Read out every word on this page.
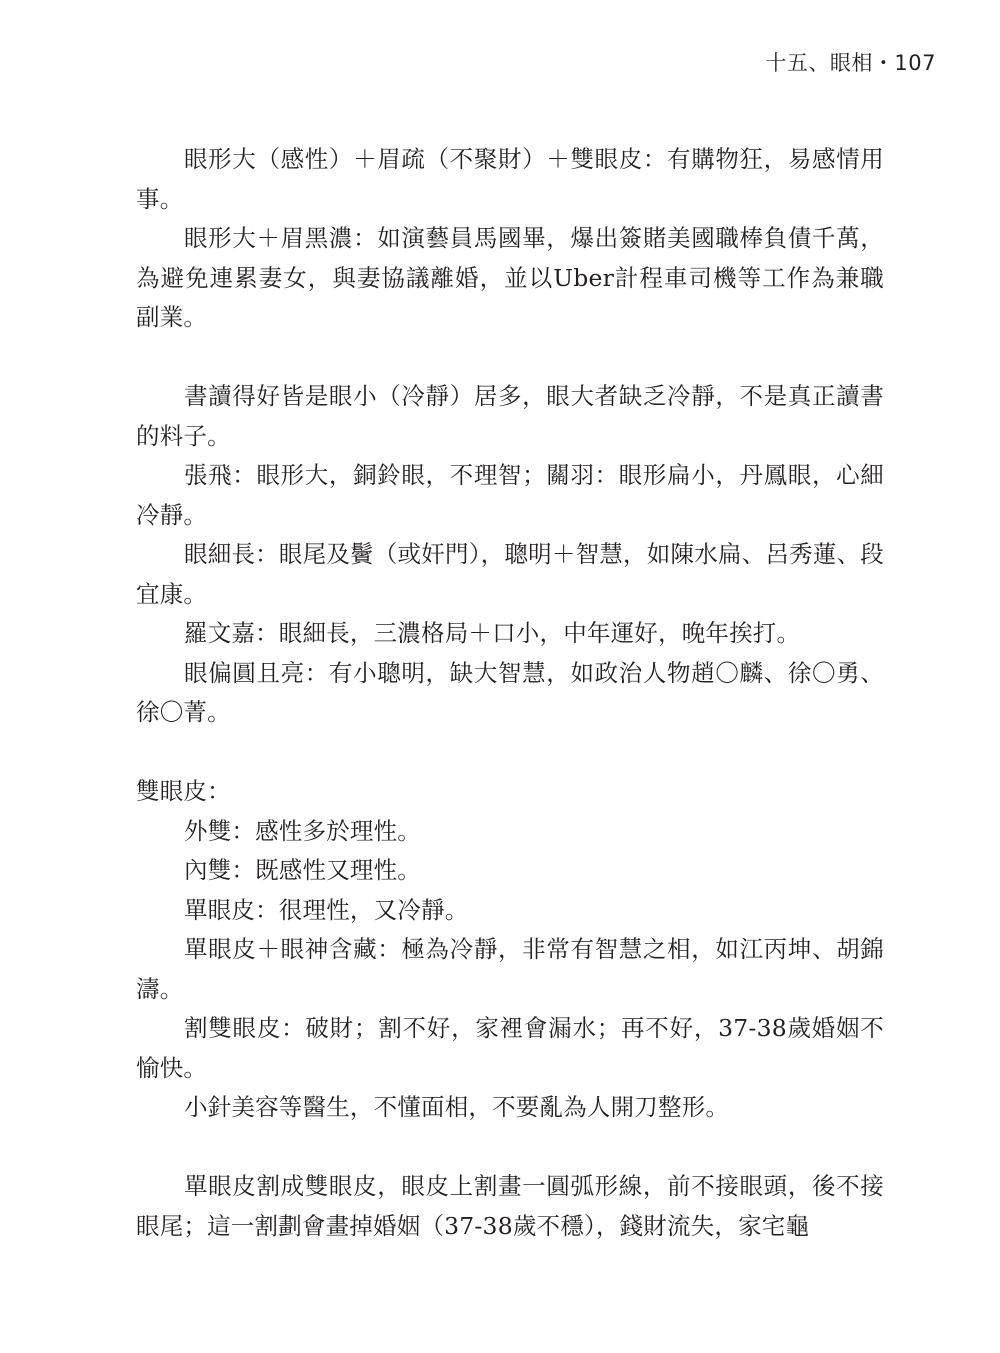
十五、眼相・107

眼形大（感性）＋眉疏（不聚財）＋雙眼皮：有購物狂，易感情用事。

眼形大＋眉黑濃：如演藝員馬國畢，爆出簽賭美國職棒負債千萬，為避免連累妻女，與妻協議離婚，並以Uber計程車司機等工作為兼職副業。

書讀得好皆是眼小（冷靜）居多，眼大者缺乏冷靜，不是真正讀書的料子。

張飛：眼形大，銅鈴眼，不理智；關羽：眼形扁小，丹鳳眼，心細冷靜。

眼細長：眼尾及鬢（或奸門），聰明＋智慧，如陳水扁、呂秀蓮、段宜康。

羅文嘉：眼細長，三濃格局＋口小，中年運好，晚年挨打。

眼偏圓且亮：有小聰明，缺大智慧，如政治人物趙〇麟、徐〇勇、徐〇菁。

雙眼皮：

外雙：感性多於理性。

內雙：既感性又理性。

單眼皮：很理性，又冷靜。

單眼皮＋眼神含藏：極為冷靜，非常有智慧之相，如江丙坤、胡錦濤。

割雙眼皮：破財；割不好，家裡會漏水；再不好，37-38歲婚姻不愉快。

小針美容等醫生，不懂面相，不要亂為人開刀整形。

單眼皮割成雙眼皮，眼皮上割畫一圓弧形線，前不接眼頭，後不接眼尾；這一割劃會畫掉婚姻（37-38歲不穩），錢財流失，家宅龜
